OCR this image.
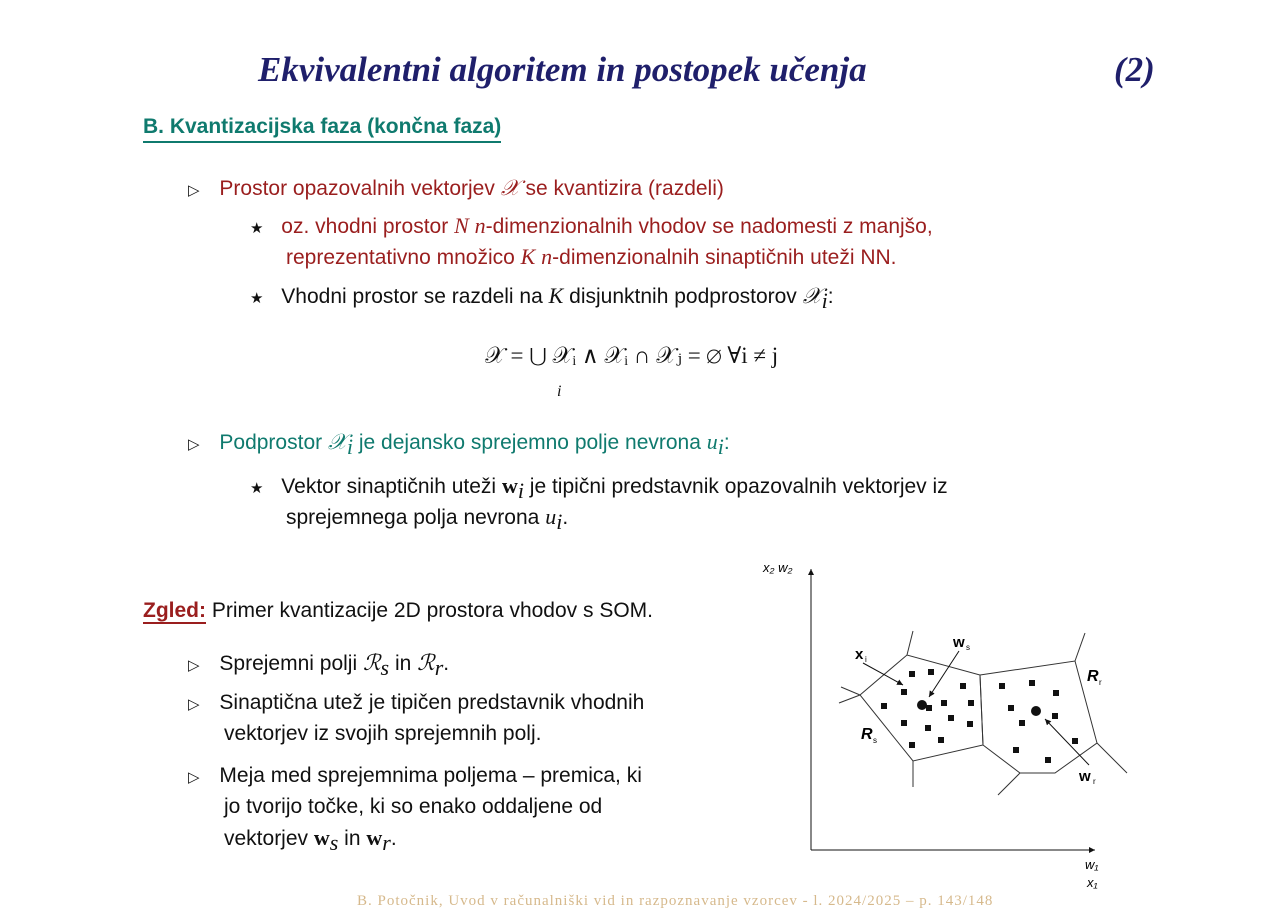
Ekvivalentni algoritem in postopek učenja	(2)
B. Kvantizacijska faza (končna faza)
▷ Prostor opazovalnih vektorjev 𝒳 se kvantizira (razdeli)
★ oz. vhodni prostor N n-dimenzionalnih vhodov se nadomesti z manjšo,
reprezentativno množico K n-dimenzionalnih sinaptičnih uteži NN.
★ Vhodni prostor se razdeli na K disjunktnih podprostorov 𝒳$_i$:
𝒳 = ⋃ 𝒳ᵢ ∧ 𝒳ᵢ ∩ 𝒳ⱼ = ∅ ∀i ≠ j
i
▷ Podprostor 𝒳$_i$ je dejansko sprejemno polje nevrona $u_i$:
★ Vektor sinaptičnih uteži $w_i$ je tipični predstavnik opazovalnih vektorjev iz
sprejemnega polja nevrona $u_i$.
Zgled: Primer kvantizacije 2D prostora vhodov s SOM.
▷ Sprejemni polji ℛ$_s$ in ℛ$_r$.
▷ Sinaptična utež je tipičen predstavnik vhodnih
vektorjev iz svojih sprejemnih polj.
▷ Meja med sprejemnima poljema – premica, ki
jo tvorijo točke, ki so enako oddaljene od
vektorjev $w_s$ in $w_r$.
x₂ w₂
w₁
x₁
x i
w s
w r
R s
R r
B. Potočnik, Uvod v računalniški vid in razpoznavanje vzorcev - l. 2024/2025 – p. 143/148
